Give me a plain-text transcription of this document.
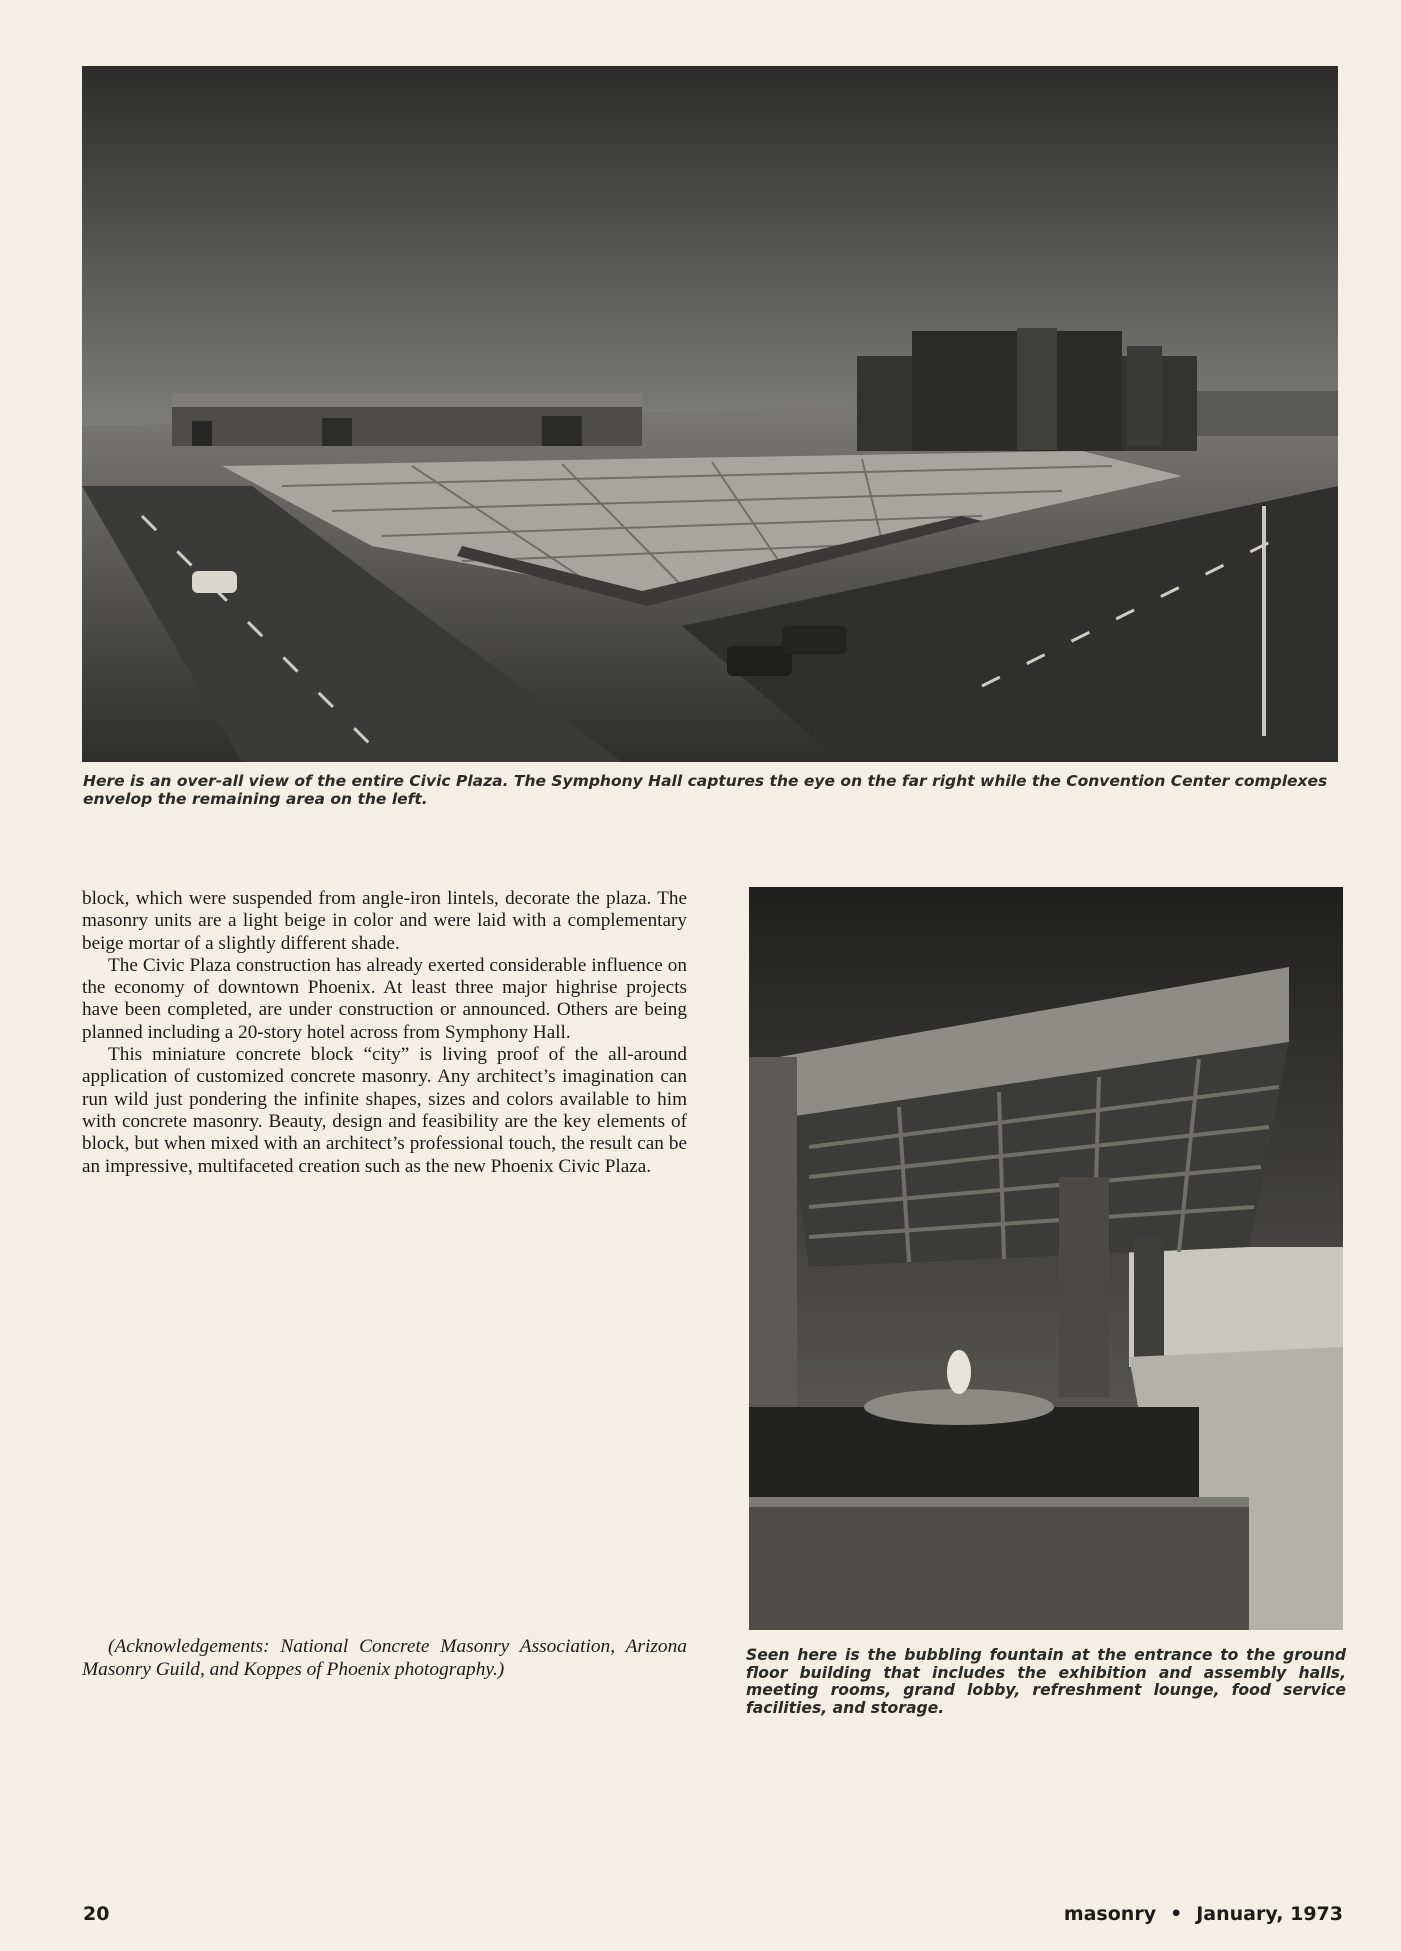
Here is an over-all view of the entire Civic Plaza. The Symphony Hall captures the eye on the far right while the Convention Center complexes envelop the remaining area on the left.

block, which were suspended from angle-iron lintels, decorate the plaza. The masonry units are a light beige in color and were laid with a complementary beige mortar of a slightly different shade.

The Civic Plaza construction has already exerted considerable influence on the economy of downtown Phoenix. At least three major highrise projects have been completed, are under construction or announced. Others are being planned including a 20-story hotel across from Symphony Hall.

This miniature concrete block “city” is living proof of the all-around application of customized concrete masonry. Any architect’s imagination can run wild just pondering the infinite shapes, sizes and colors available to him with concrete masonry. Beauty, design and feasibility are the key elements of block, but when mixed with an architect’s professional touch, the result can be an impressive, multifaceted creation such as the new Phoenix Civic Plaza.

Seen here is the bubbling fountain at the entrance to the ground floor building that includes the exhibition and assembly halls, meeting rooms, grand lobby, refreshment lounge, food service facilities, and storage.

(Acknowledgements: National Concrete Masonry Association, Arizona Masonry Guild, and Koppes of Phoenix photography.)

20	masonry • January, 1973
